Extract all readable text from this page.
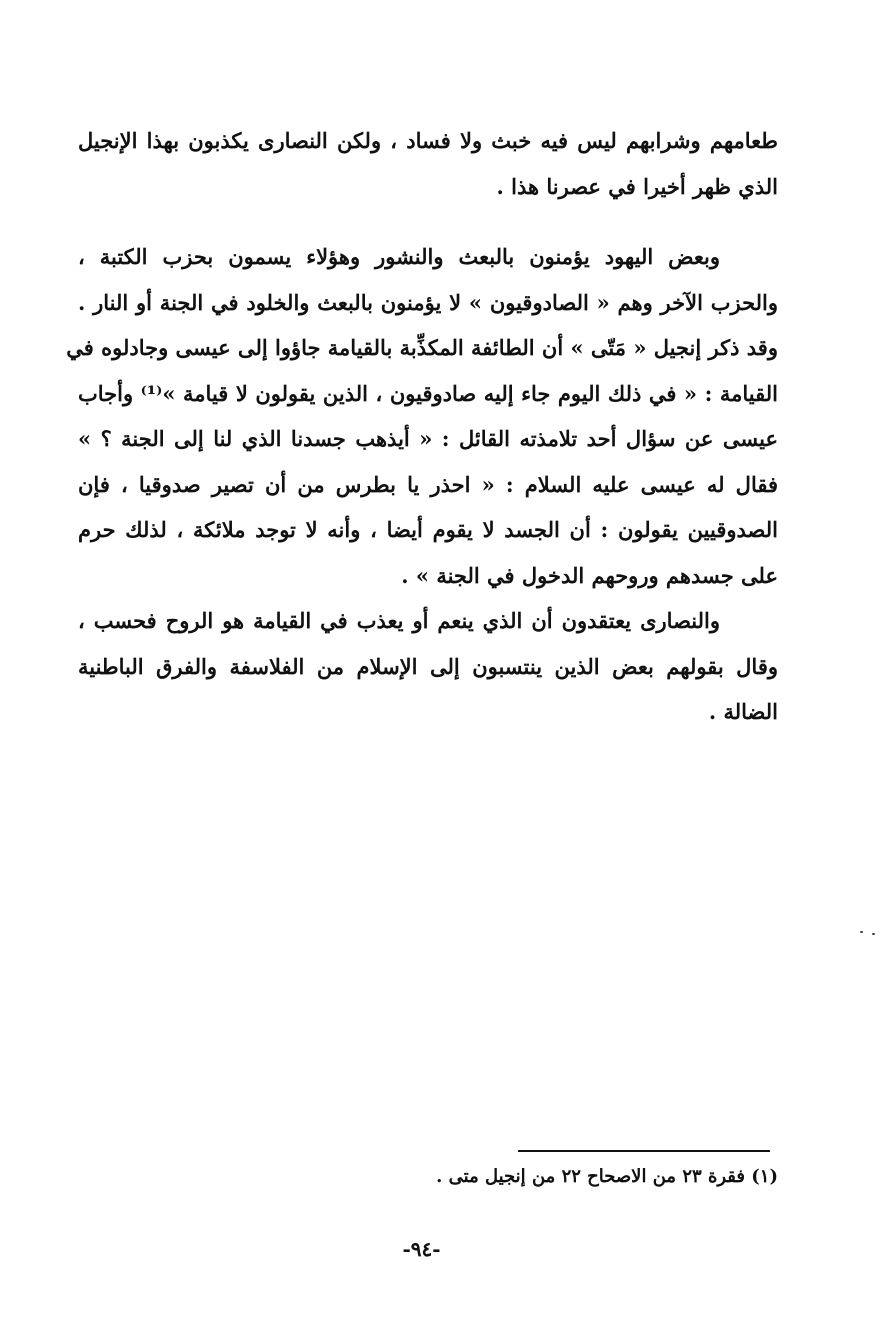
طعامهم وشرابهم ليس فيه خبث ولا فساد ، ولكن النصارى يكذبون بهذا الإنجيل
الذي ظهر أخيرا في عصرنا هذا .
وبعض اليهود يؤمنون بالبعث والنشور وهؤلاء يسمون بحزب الكتبة ،
والحزب الآخر وهم « الصادوقيون » لا يؤمنون بالبعث والخلود في الجنة أو النار .
وقد ذكر إنجيل « مَتّى » أن الطائفة المكذِّبة بالقيامة جاؤوا إلى عيسى وجادلوه في
القيامة : « في ذلك اليوم جاء إليه صادوقيون ، الذين يقولون لا قيامة »⁽¹⁾ وأجاب
عيسى عن سؤال أحد تلامذته القائل : « أيذهب جسدنا الذي لنا إلى الجنة ؟ »
فقال له عيسى عليه السلام : « احذر يا بطرس من أن تصير صدوقيا ، فإن
الصدوقيين يقولون : أن الجسد لا يقوم أيضا ، وأنه لا توجد ملائكة ، لذلك حرم
على جسدهم وروحهم الدخول في الجنة » .
والنصارى يعتقدون أن الذي ينعم أو يعذب في القيامة هو الروح فحسب ،
وقال بقولهم بعض الذين ينتسبون إلى الإسلام من الفلاسفة والفرق الباطنية
الضالة .
(١) فقرة ٢٣ من الاصحاح ٢٢ من إنجيل متى .
-٩٤-
